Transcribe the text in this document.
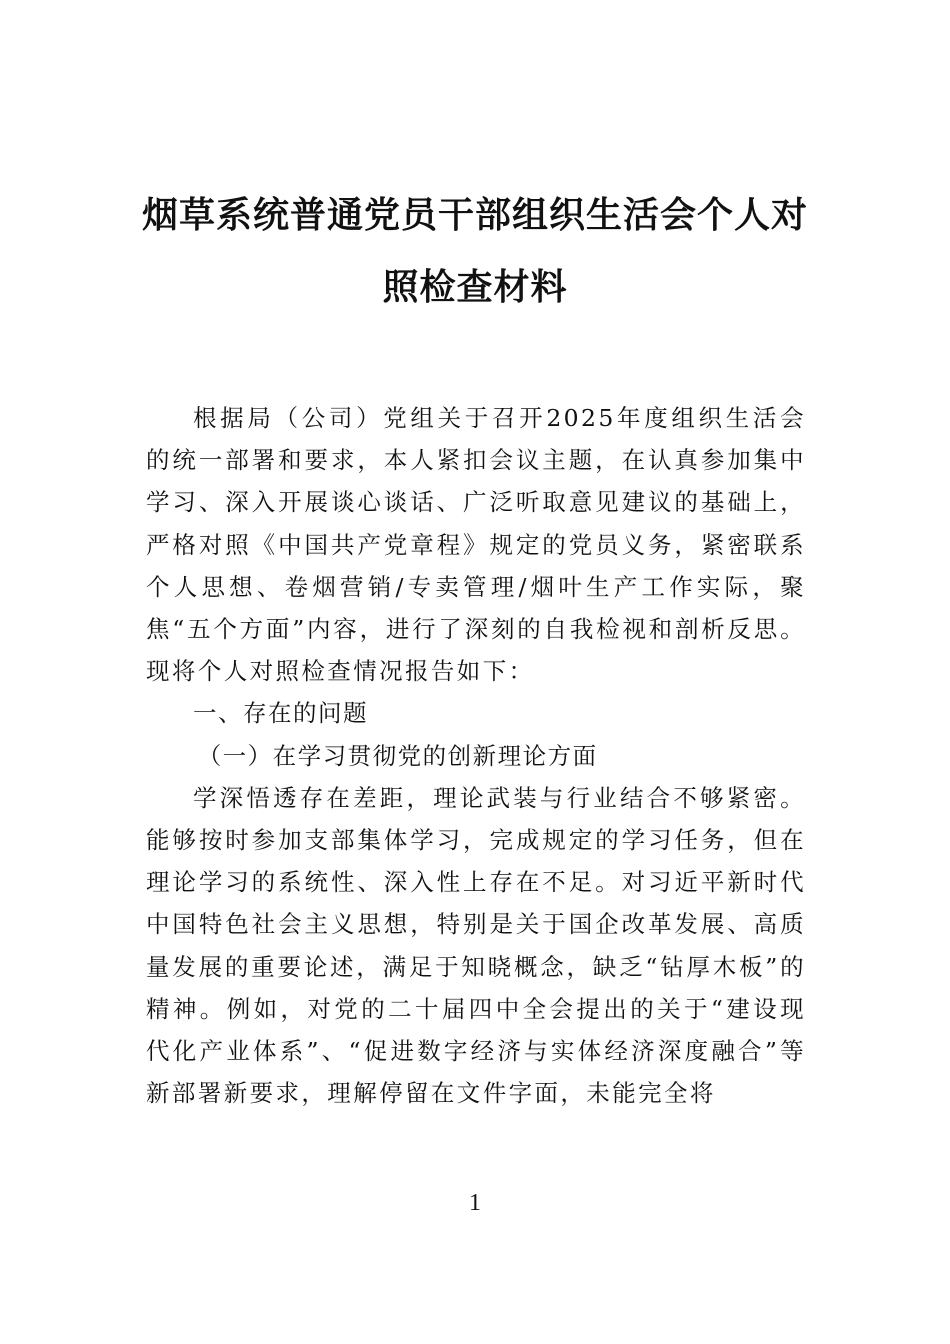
烟草系统普通党员干部组织生活会个人对
照检查材料

根据局（公司）党组关于召开2025年度组织生活会的统一部署和要求，本人紧扣会议主题，在认真参加集中学习、深入开展谈心谈话、广泛听取意见建议的基础上，严格对照《中国共产党章程》规定的党员义务，紧密联系个人思想、卷烟营销/专卖管理/烟叶生产工作实际，聚焦“五个方面”内容，进行了深刻的自我检视和剖析反思。现将个人对照检查情况报告如下：

一、存在的问题

（一）在学习贯彻党的创新理论方面

学深悟透存在差距，理论武装与行业结合不够紧密。能够按时参加支部集体学习，完成规定的学习任务，但在理论学习的系统性、深入性上存在不足。对习近平新时代中国特色社会主义思想，特别是关于国企改革发展、高质量发展的重要论述，满足于知晓概念，缺乏“钻厚木板”的精神。例如，对党的二十届四中全会提出的关于“建设现代化产业体系”、“促进数字经济与实体经济深度融合”等新部署新要求，理解停留在文件字面，未能完全将

1
